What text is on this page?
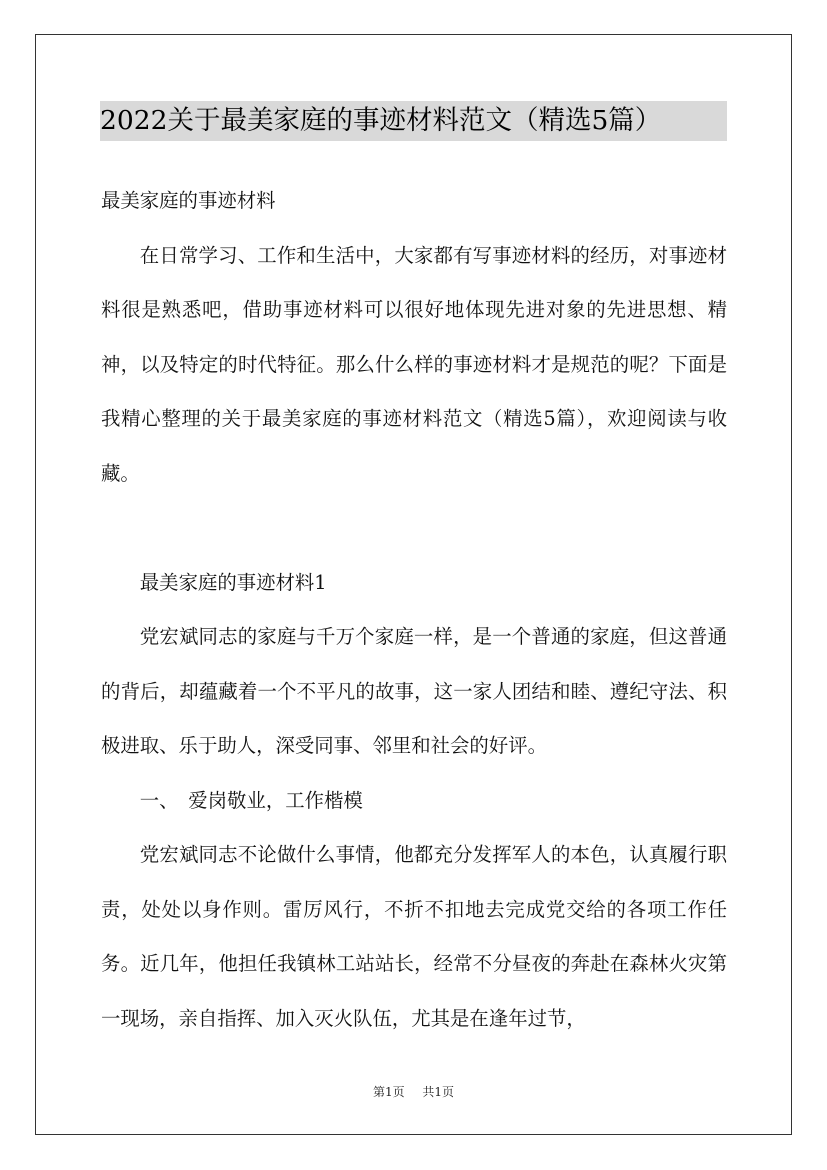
2022关于最美家庭的事迹材料范文（精选5篇）

最美家庭的事迹材料

在日常学习、工作和生活中，大家都有写事迹材料的经历，对事迹材料很是熟悉吧，借助事迹材料可以很好地体现先进对象的先进思想、精神，以及特定的时代特征。那么什么样的事迹材料才是规范的呢？下面是我精心整理的关于最美家庭的事迹材料范文（精选5篇），欢迎阅读与收藏。

最美家庭的事迹材料1

党宏斌同志的家庭与千万个家庭一样，是一个普通的家庭，但这普通的背后，却蕴藏着一个不平凡的故事，这一家人团结和睦、遵纪守法、积极进取、乐于助人，深受同事、邻里和社会的好评。

一、　爱岗敬业，工作楷模

党宏斌同志不论做什么事情，他都充分发挥军人的本色，认真履行职责，处处以身作则。雷厉风行，不折不扣地去完成党交给的各项工作任务。近几年，他担任我镇林工站站长，经常不分昼夜的奔赴在森林火灾第一现场，亲自指挥、加入灭火队伍，尤其是在逢年过节，

第1页 共1页
